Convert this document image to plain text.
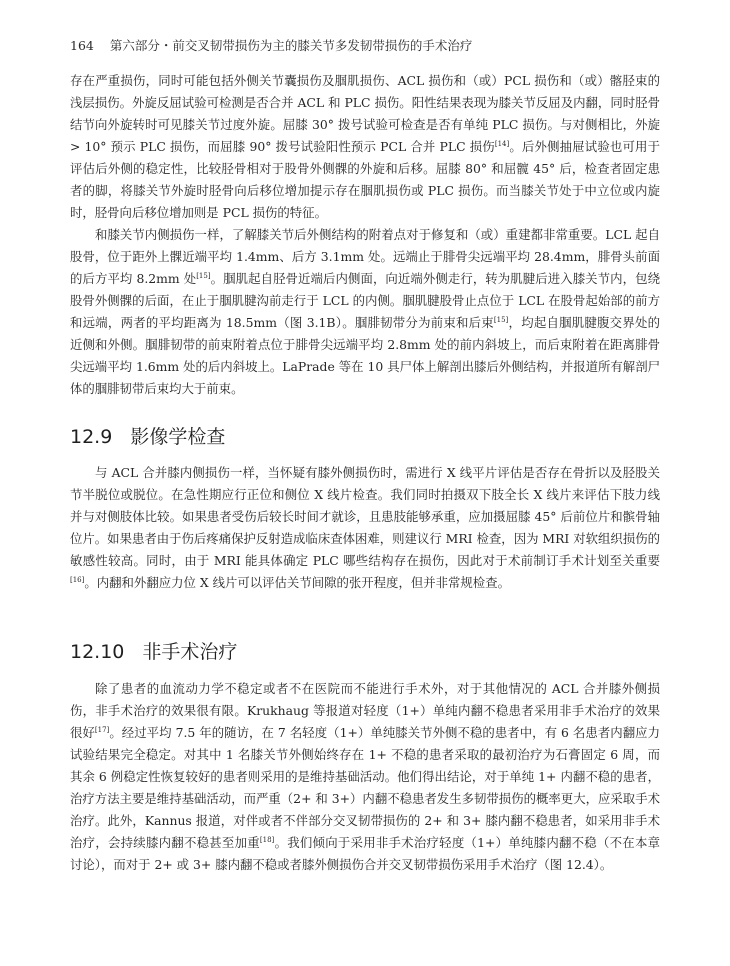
164 第六部分・前交叉韧带损伤为主的膝关节多发韧带损伤的手术治疗

存在严重损伤，同时可能包括外侧关节囊损伤及腘肌损伤、ACL 损伤和（或）PCL 损伤和（或）髂胫束的浅层损伤。外旋反屈试验可检测是否合并 ACL 和 PLC 损伤。阳性结果表现为膝关节反屈及内翻，同时胫骨结节向外旋转时可见膝关节过度外旋。屈膝 30° 拨号试验可检查是否有单纯 PLC 损伤。与对侧相比，外旋 > 10° 预示 PLC 损伤，而屈膝 90° 拨号试验阳性预示 PCL 合并 PLC 损伤[14]。后外侧抽屉试验也可用于评估后外侧的稳定性，比较胫骨相对于股骨外侧髁的外旋和后移。屈膝 80° 和屈髋 45° 后，检查者固定患者的脚，将膝关节外旋时胫骨向后移位增加提示存在腘肌损伤或 PLC 损伤。而当膝关节处于中立位或内旋时，胫骨向后移位增加则是 PCL 损伤的特征。

和膝关节内侧损伤一样，了解膝关节后外侧结构的附着点对于修复和（或）重建都非常重要。LCL 起自股骨，位于距外上髁近端平均 1.4mm、后方 3.1mm 处。远端止于腓骨尖远端平均 28.4mm，腓骨头前面的后方平均 8.2mm 处[15]。腘肌起自胫骨近端后内侧面，向近端外侧走行，转为肌腱后进入膝关节内，包绕股骨外侧髁的后面，在止于腘肌腱沟前走行于 LCL 的内侧。腘肌腱股骨止点位于 LCL 在股骨起始部的前方和远端，两者的平均距离为 18.5mm（图 3.1B）。腘腓韧带分为前束和后束[15]，均起自腘肌腱腹交界处的近侧和外侧。腘腓韧带的前束附着点位于腓骨尖远端平均 2.8mm 处的前内斜坡上，而后束附着在距离腓骨尖远端平均 1.6mm 处的后内斜坡上。LaPrade 等在 10 具尸体上解剖出膝后外侧结构，并报道所有解剖尸体的腘腓韧带后束均大于前束。

12.9 影像学检查

与 ACL 合并膝内侧损伤一样，当怀疑有膝外侧损伤时，需进行 X 线平片评估是否存在骨折以及胫股关节半脱位或脱位。在急性期应行正位和侧位 X 线片检查。我们同时拍摄双下肢全长 X 线片来评估下肢力线并与对侧肢体比较。如果患者受伤后较长时间才就诊，且患肢能够承重，应加摄屈膝 45° 后前位片和髌骨轴位片。如果患者由于伤后疼痛保护反射造成临床查体困难，则建议行 MRI 检查，因为 MRI 对软组织损伤的敏感性较高。同时，由于 MRI 能具体确定 PLC 哪些结构存在损伤，因此对于术前制订手术计划至关重要[16]。内翻和外翻应力位 X 线片可以评估关节间隙的张开程度，但并非常规检查。

12.10 非手术治疗

除了患者的血流动力学不稳定或者不在医院而不能进行手术外，对于其他情况的 ACL 合并膝外侧损伤，非手术治疗的效果很有限。Krukhaug 等报道对轻度（1+）单纯内翻不稳患者采用非手术治疗的效果很好[17]。经过平均 7.5 年的随访，在 7 名轻度（1+）单纯膝关节外侧不稳的患者中，有 6 名患者内翻应力试验结果完全稳定。对其中 1 名膝关节外侧始终存在 1+ 不稳的患者采取的最初治疗为石膏固定 6 周，而其余 6 例稳定性恢复较好的患者则采用的是维持基础活动。他们得出结论，对于单纯 1+ 内翻不稳的患者，治疗方法主要是维持基础活动，而严重（2+ 和 3+）内翻不稳患者发生多韧带损伤的概率更大，应采取手术治疗。此外，Kannus 报道，对伴或者不伴部分交叉韧带损伤的 2+ 和 3+ 膝内翻不稳患者，如采用非手术治疗，会持续膝内翻不稳甚至加重[18]。我们倾向于采用非手术治疗轻度（1+）单纯膝内翻不稳（不在本章讨论），而对于 2+ 或 3+ 膝内翻不稳或者膝外侧损伤合并交叉韧带损伤采用手术治疗（图 12.4）。
